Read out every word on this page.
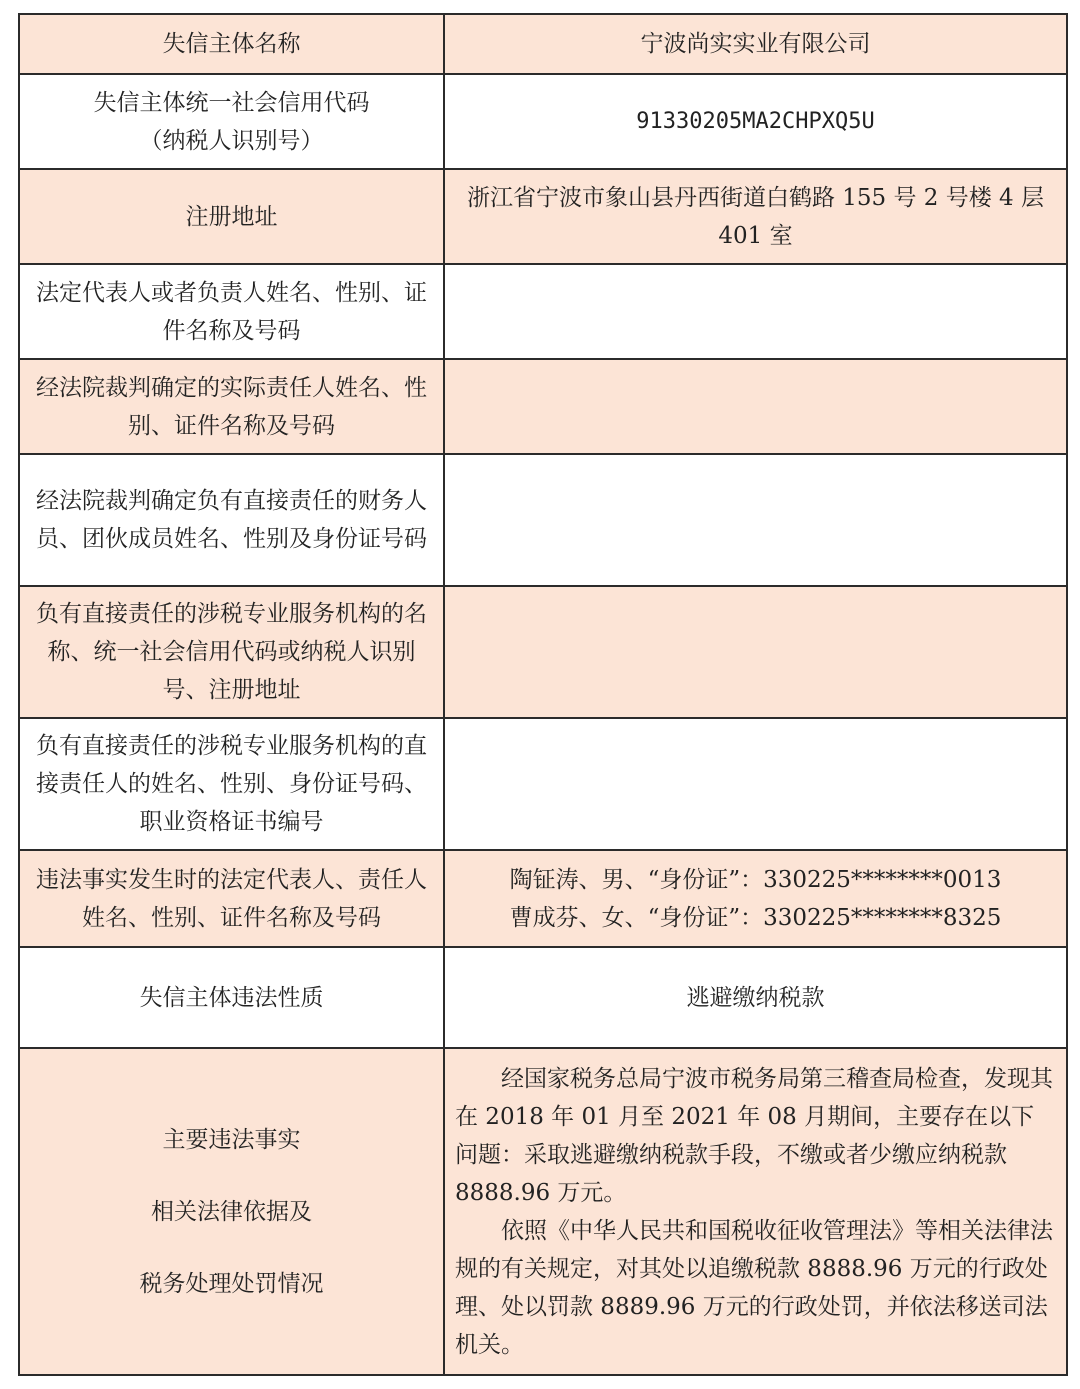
失信主体名称	宁波尚实实业有限公司

失信主体统一社会信用代码
（纳税人识别号）	91330205MA2CHPXQ5U
注册地址	浙江省宁波市象山县丹西街道白鹤路 155 号 2 号楼 4 层 401 室
法定代表人或者负责人姓名、性别、证件名称及号码	
经法院裁判确定的实际责任人姓名、性别、证件名称及号码	
经法院裁判确定负有直接责任的财务人员、团伙成员姓名、性别及身份证号码	
负有直接责任的涉税专业服务机构的名称、统一社会信用代码或纳税人识别号、注册地址	
负有直接责任的涉税专业服务机构的直接责任人的姓名、性别、身份证号码、职业资格证书编号	
违法事实发生时的法定代表人、责任人姓名、性别、证件名称及号码	陶钲涛、男、“身份证”：330225********0013
曹成芬、女、“身份证”：330225********8325

失信主体违法性质	逃避缴纳税款

主要违法事实
相关法律依据及
税务处理处罚情况	经国家税务总局宁波市税务局第三稽查局检查，发现其在 2018 年 01 月至 2021 年 08 月期间，主要存在以下问题：采取逃避缴纳税款手段，不缴或者少缴应纳税款 8888.96 万元。
依照《中华人民共和国税收征收管理法》等相关法律法规的有关规定，对其处以追缴税款 8888.96 万元的行政处理、处以罚款 8889.96 万元的行政处罚，并依法移送司法机关。
